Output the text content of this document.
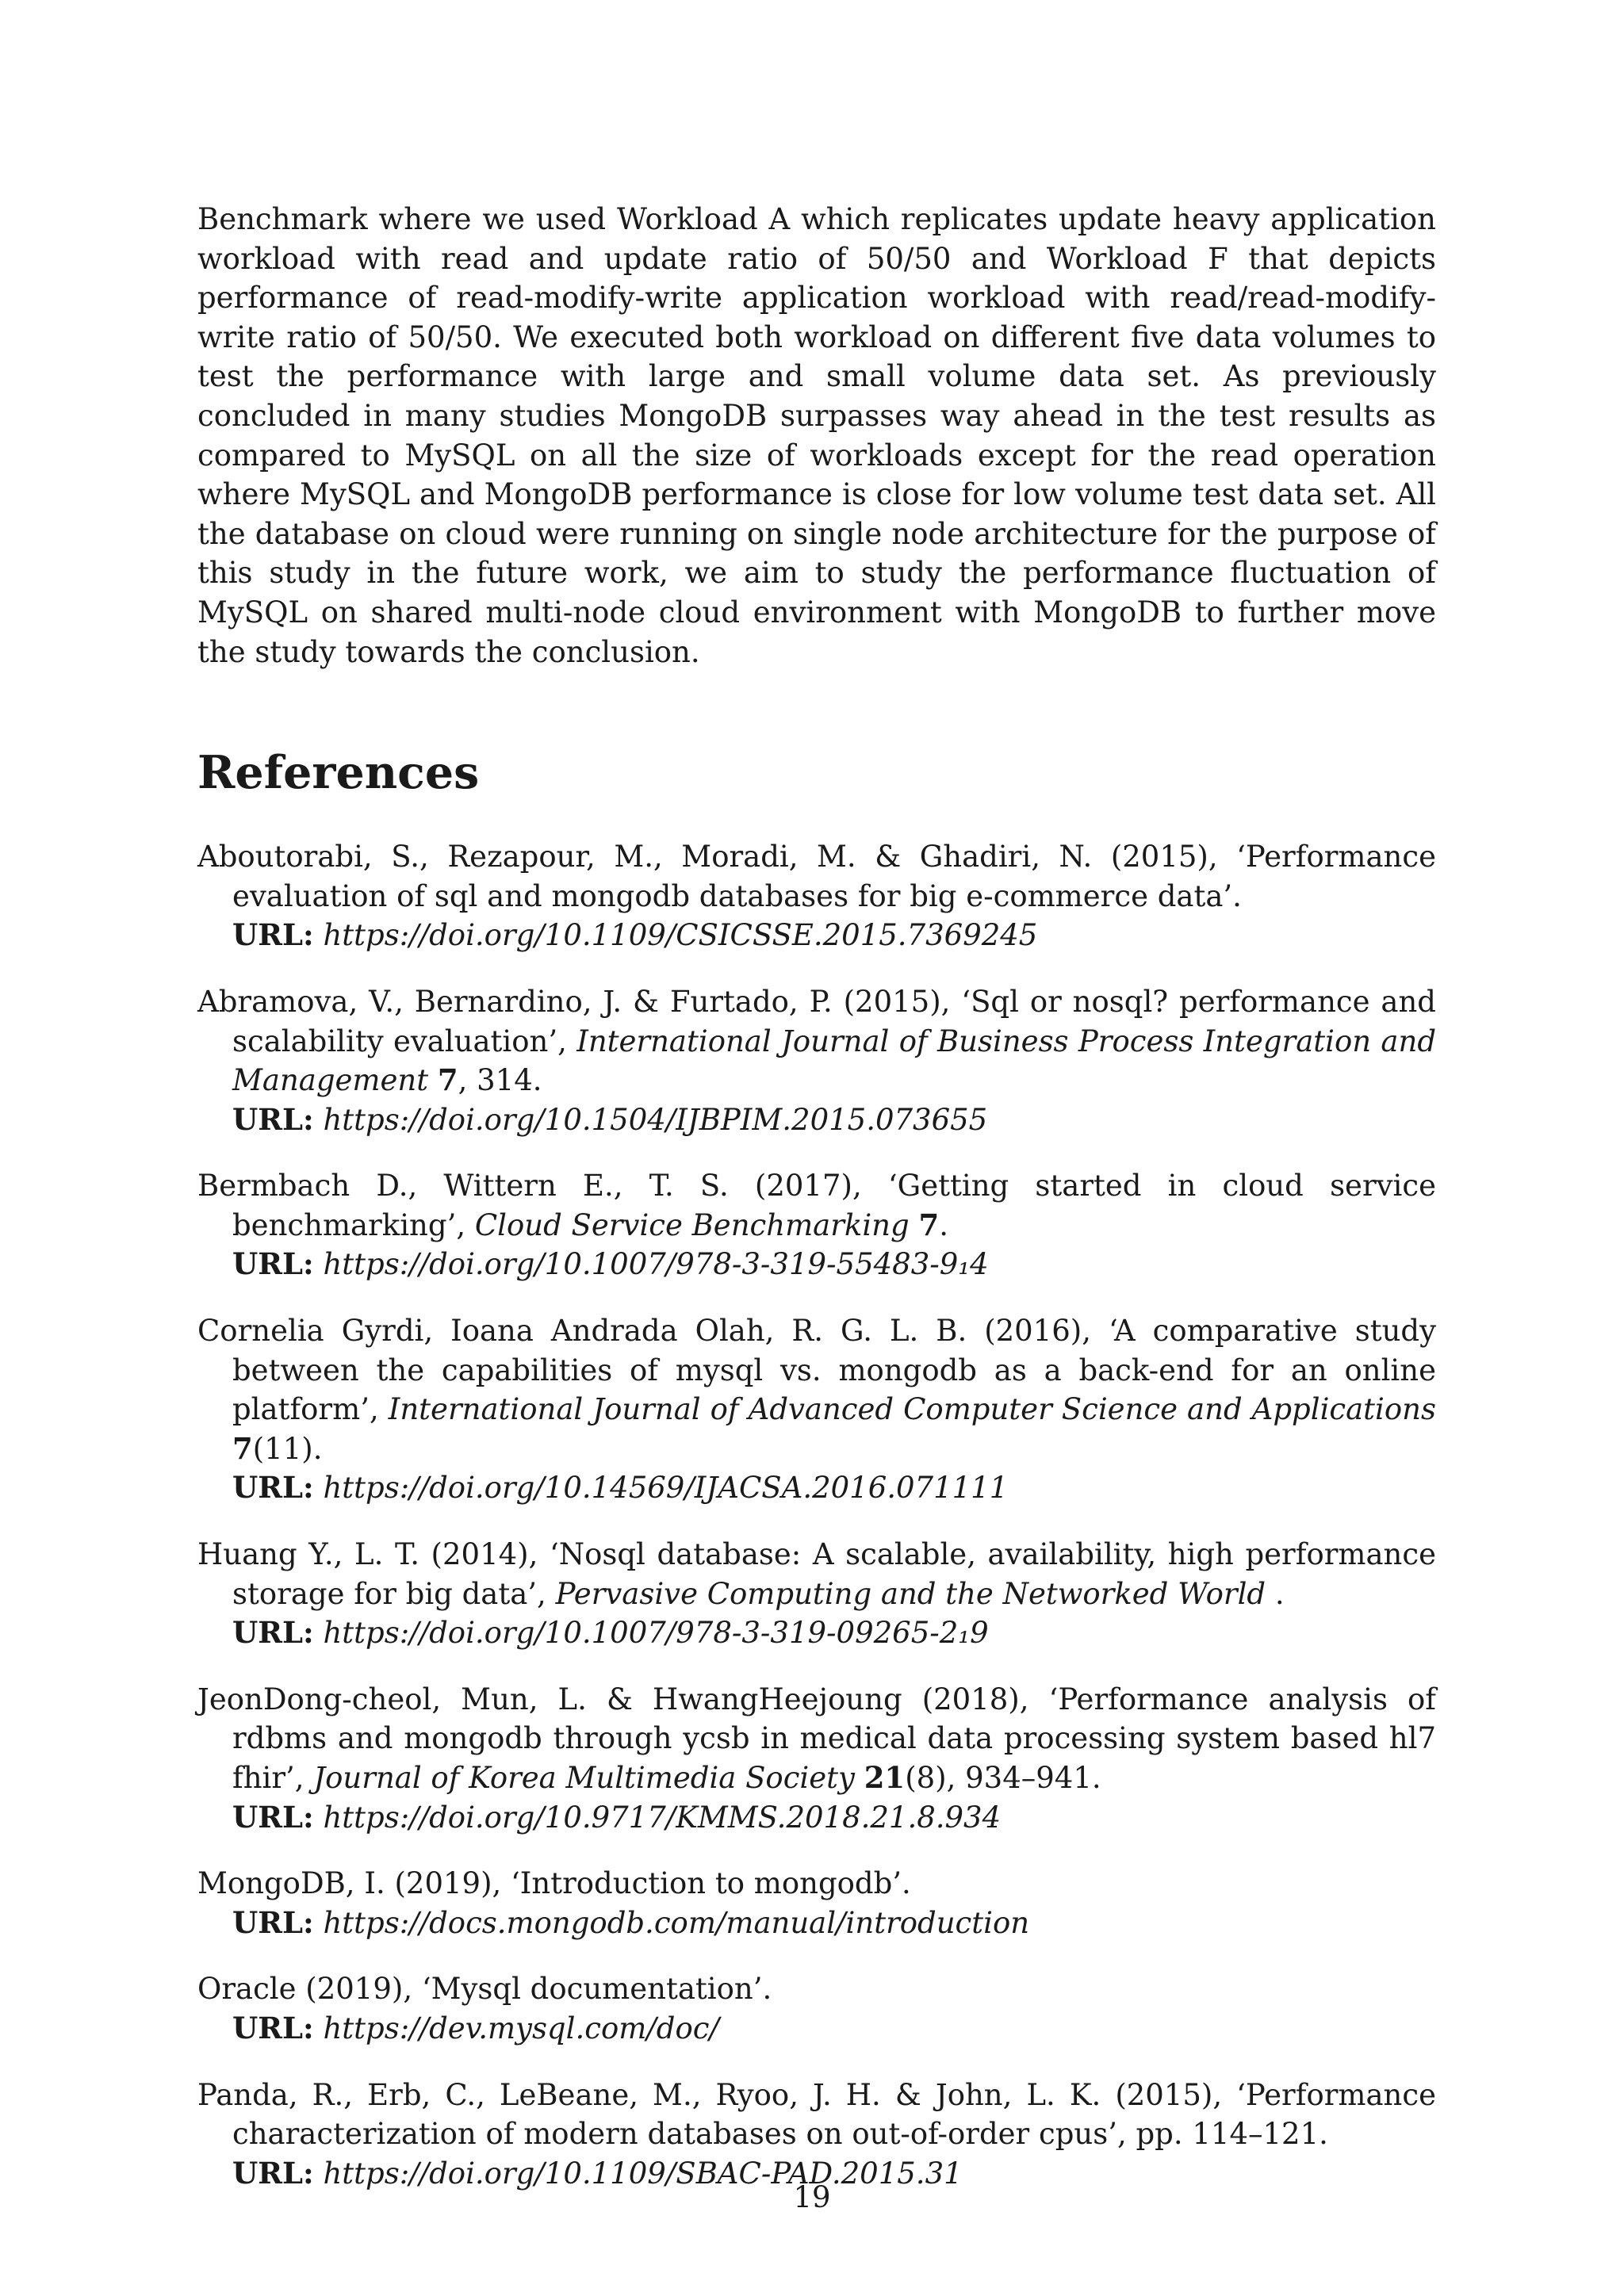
Benchmark where we used Workload A which replicates update heavy application workload with read and update ratio of 50/50 and Workload F that depicts performance of read-modify-write application workload with read/read-modify-write ratio of 50/50. We executed both workload on different five data volumes to test the performance with large and small volume data set. As previously concluded in many studies MongoDB surpasses way ahead in the test results as compared to MySQL on all the size of workloads except for the read operation where MySQL and MongoDB performance is close for low volume test data set. All the database on cloud were running on single node architecture for the purpose of this study in the future work, we aim to study the performance fluctuation of MySQL on shared multi-node cloud environment with MongoDB to further move the study towards the conclusion.

References
Aboutorabi, S., Rezapour, M., Moradi, M. & Ghadiri, N. (2015), ‘Performance evaluation of sql and mongodb databases for big e-commerce data’.
URL: https://doi.org/10.1109/CSICSSE.2015.7369245
Abramova, V., Bernardino, J. & Furtado, P. (2015), ‘Sql or nosql? performance and scalability evaluation’, International Journal of Business Process Integration and Management 7, 314.
URL: https://doi.org/10.1504/IJBPIM.2015.073655
Bermbach D., Wittern E., T. S. (2017), ‘Getting started in cloud service benchmarking’, Cloud Service Benchmarking 7.
URL: https://doi.org/10.1007/978-3-319-55483-9₁4
Cornelia Gyrdi, Ioana Andrada Olah, R. G. L. B. (2016), ‘A comparative study between the capabilities of mysql vs. mongodb as a back-end for an online platform’, International Journal of Advanced Computer Science and Applications 7(11).
URL: https://doi.org/10.14569/IJACSA.2016.071111
Huang Y., L. T. (2014), ‘Nosql database: A scalable, availability, high performance storage for big data’, Pervasive Computing and the Networked World .
URL: https://doi.org/10.1007/978-3-319-09265-2₁9
JeonDong-cheol, Mun, L. & HwangHeejoung (2018), ‘Performance analysis of rdbms and mongodb through ycsb in medical data processing system based hl7 fhir’, Journal of Korea Multimedia Society 21(8), 934–941.
URL: https://doi.org/10.9717/KMMS.2018.21.8.934
MongoDB, I. (2019), ‘Introduction to mongodb’.
URL: https://docs.mongodb.com/manual/introduction
Oracle (2019), ‘Mysql documentation’.
URL: https://dev.mysql.com/doc/
Panda, R., Erb, C., LeBeane, M., Ryoo, J. H. & John, L. K. (2015), ‘Performance characterization of modern databases on out-of-order cpus’, pp. 114–121.
URL: https://doi.org/10.1109/SBAC-PAD.2015.31
19
